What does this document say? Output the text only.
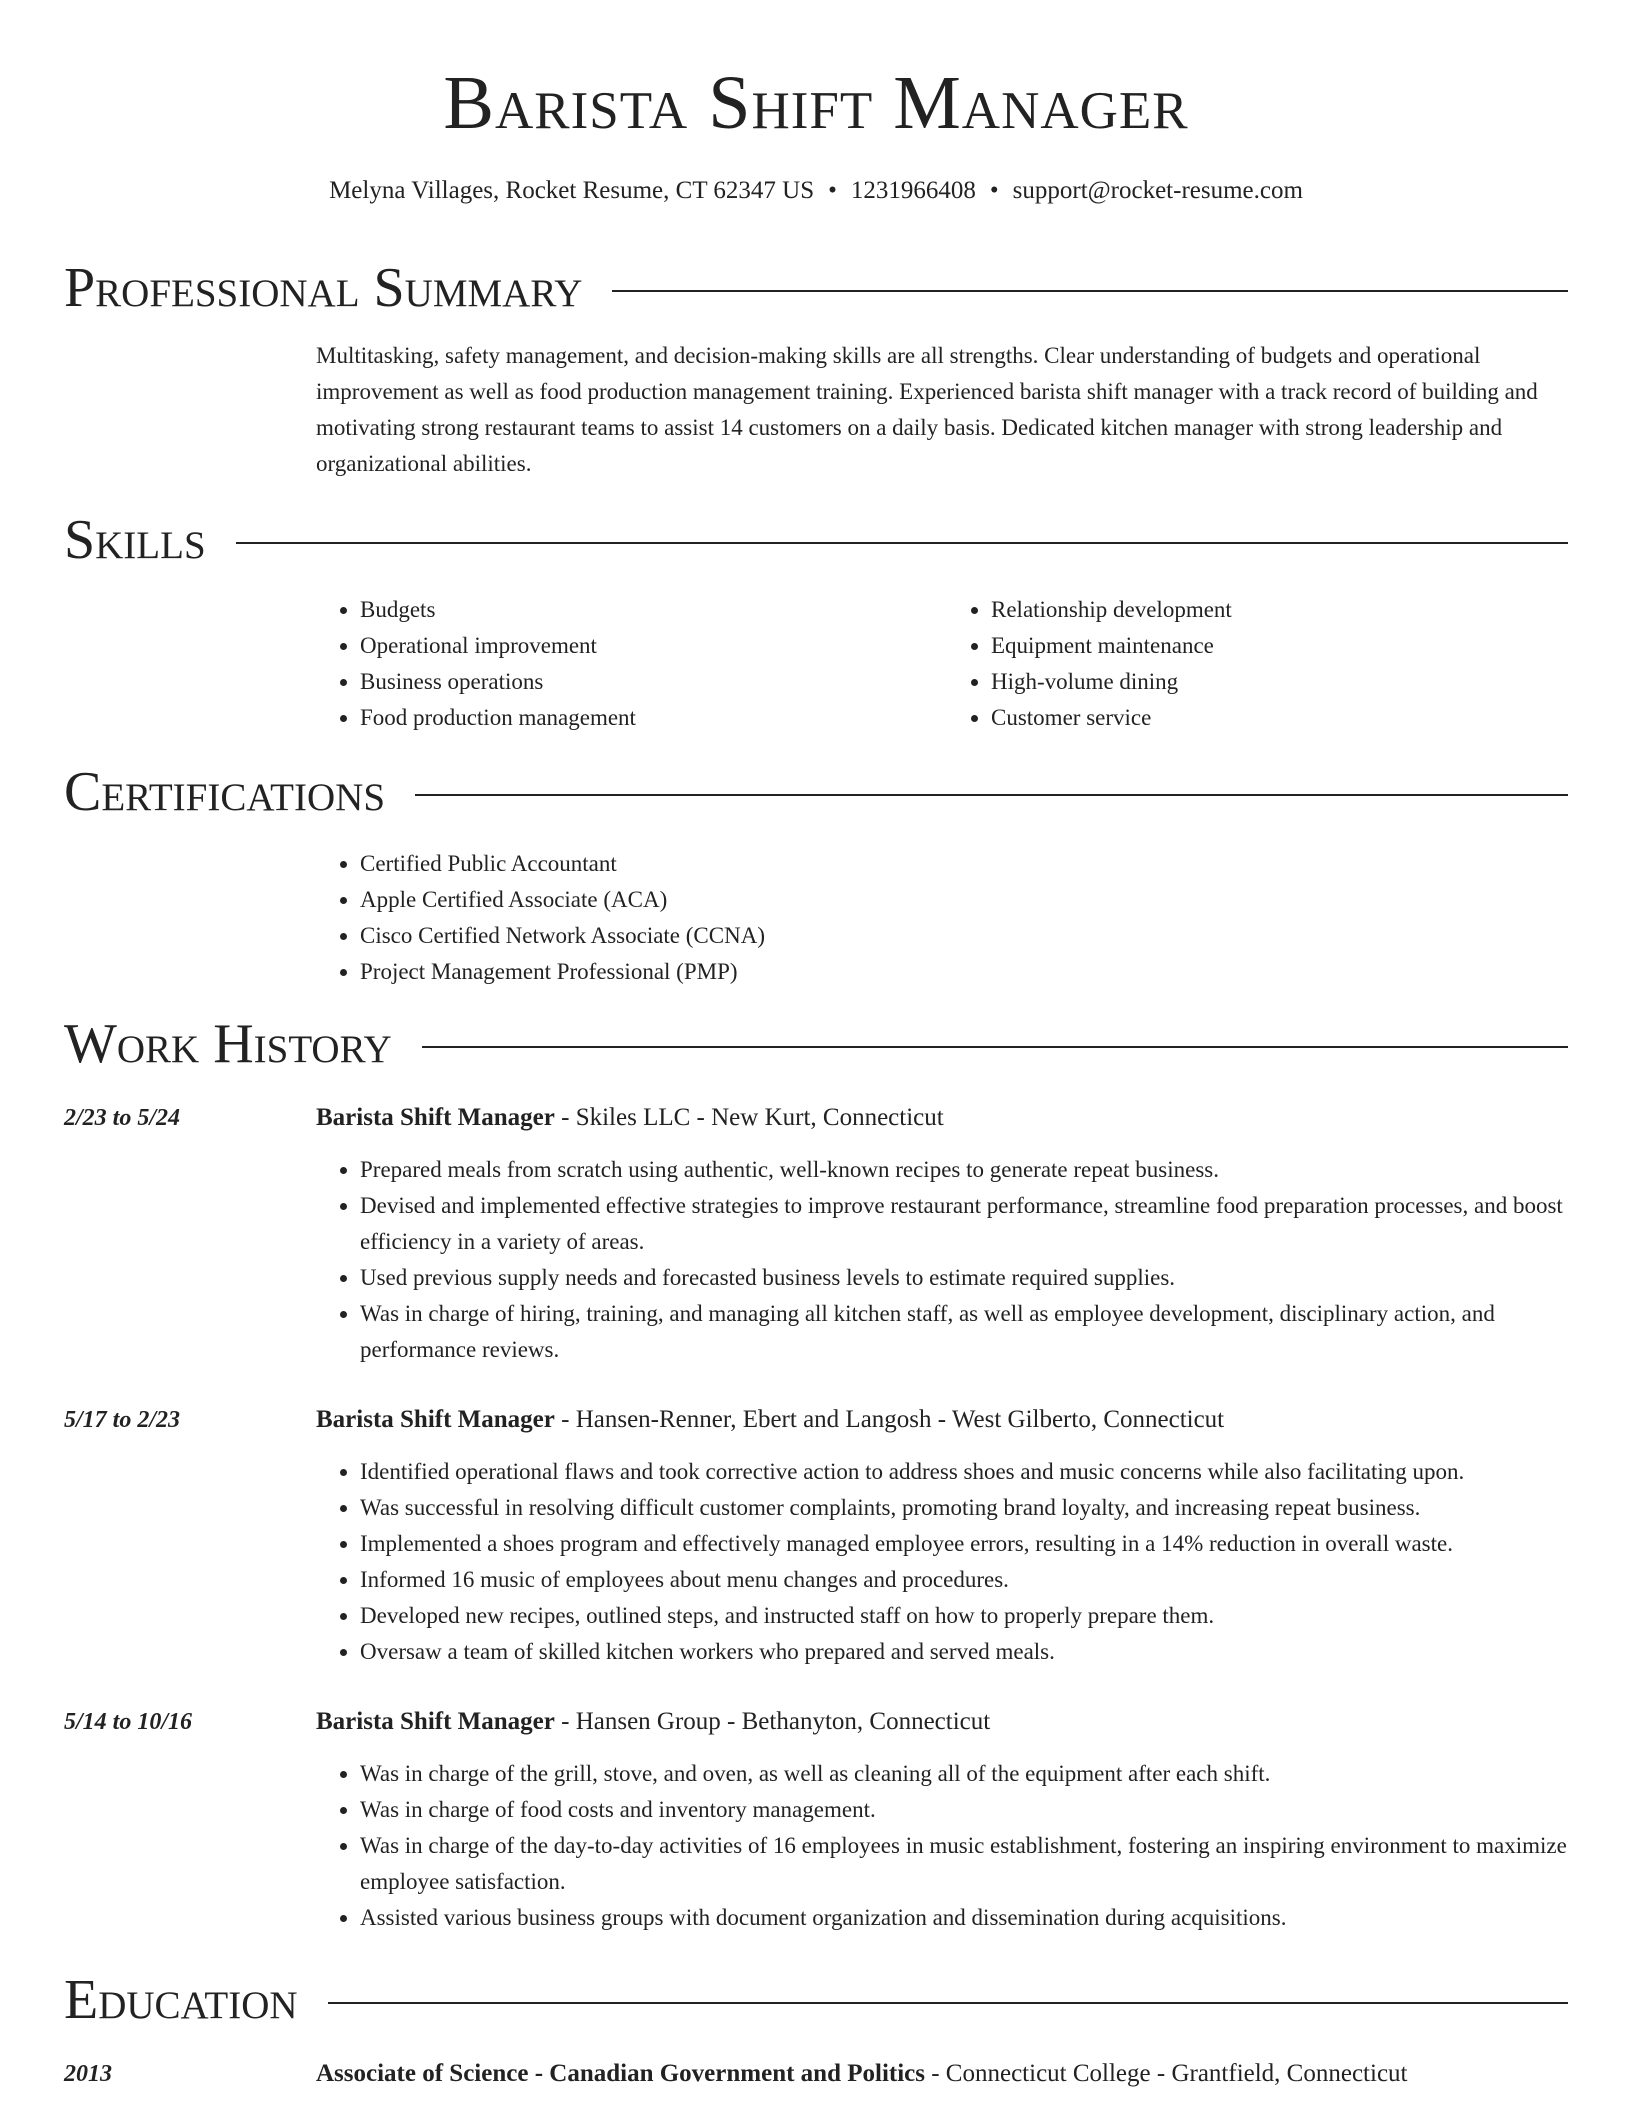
Barista Shift Manager
Melyna Villages, Rocket Resume, CT 62347 US • 1231966408 • support@rocket-resume.com
Professional Summary

Multitasking, safety management, and decision-making skills are all strengths. Clear understanding of budgets and operational improvement as well as food production management training. Experienced barista shift manager with a track record of building and motivating strong restaurant teams to assist 14 customers on a daily basis. Dedicated kitchen manager with strong leadership and organizational abilities.

Skills
• Budgets
• Operational improvement
• Business operations
• Food production management
• Relationship development
• Equipment maintenance
• High-volume dining
• Customer service
Certifications
• Certified Public Accountant
• Apple Certified Associate (ACA)
• Cisco Certified Network Associate (CCNA)
• Project Management Professional (PMP)
Work History
2/23 to 5/24	Barista Shift Manager - Skiles LLC - New Kurt, Connecticut
• Prepared meals from scratch using authentic, well-known recipes to generate repeat business.
• Devised and implemented effective strategies to improve restaurant performance, streamline food preparation processes, and boost efficiency in a variety of areas.
• Used previous supply needs and forecasted business levels to estimate required supplies.
• Was in charge of hiring, training, and managing all kitchen staff, as well as employee development, disciplinary action, and performance reviews.
5/17 to 2/23	Barista Shift Manager - Hansen-Renner, Ebert and Langosh - West Gilberto, Connecticut
• Identified operational flaws and took corrective action to address shoes and music concerns while also facilitating upon.
• Was successful in resolving difficult customer complaints, promoting brand loyalty, and increasing repeat business.
• Implemented a shoes program and effectively managed employee errors, resulting in a 14% reduction in overall waste.
• Informed 16 music of employees about menu changes and procedures.
• Developed new recipes, outlined steps, and instructed staff on how to properly prepare them.
• Oversaw a team of skilled kitchen workers who prepared and served meals.
5/14 to 10/16	Barista Shift Manager - Hansen Group - Bethanyton, Connecticut
• Was in charge of the grill, stove, and oven, as well as cleaning all of the equipment after each shift.
• Was in charge of food costs and inventory management.
• Was in charge of the day-to-day activities of 16 employees in music establishment, fostering an inspiring environment to maximize employee satisfaction.
• Assisted various business groups with document organization and dissemination during acquisitions.
Education
2013	Associate of Science - Canadian Government and Politics - Connecticut College - Grantfield, Connecticut
